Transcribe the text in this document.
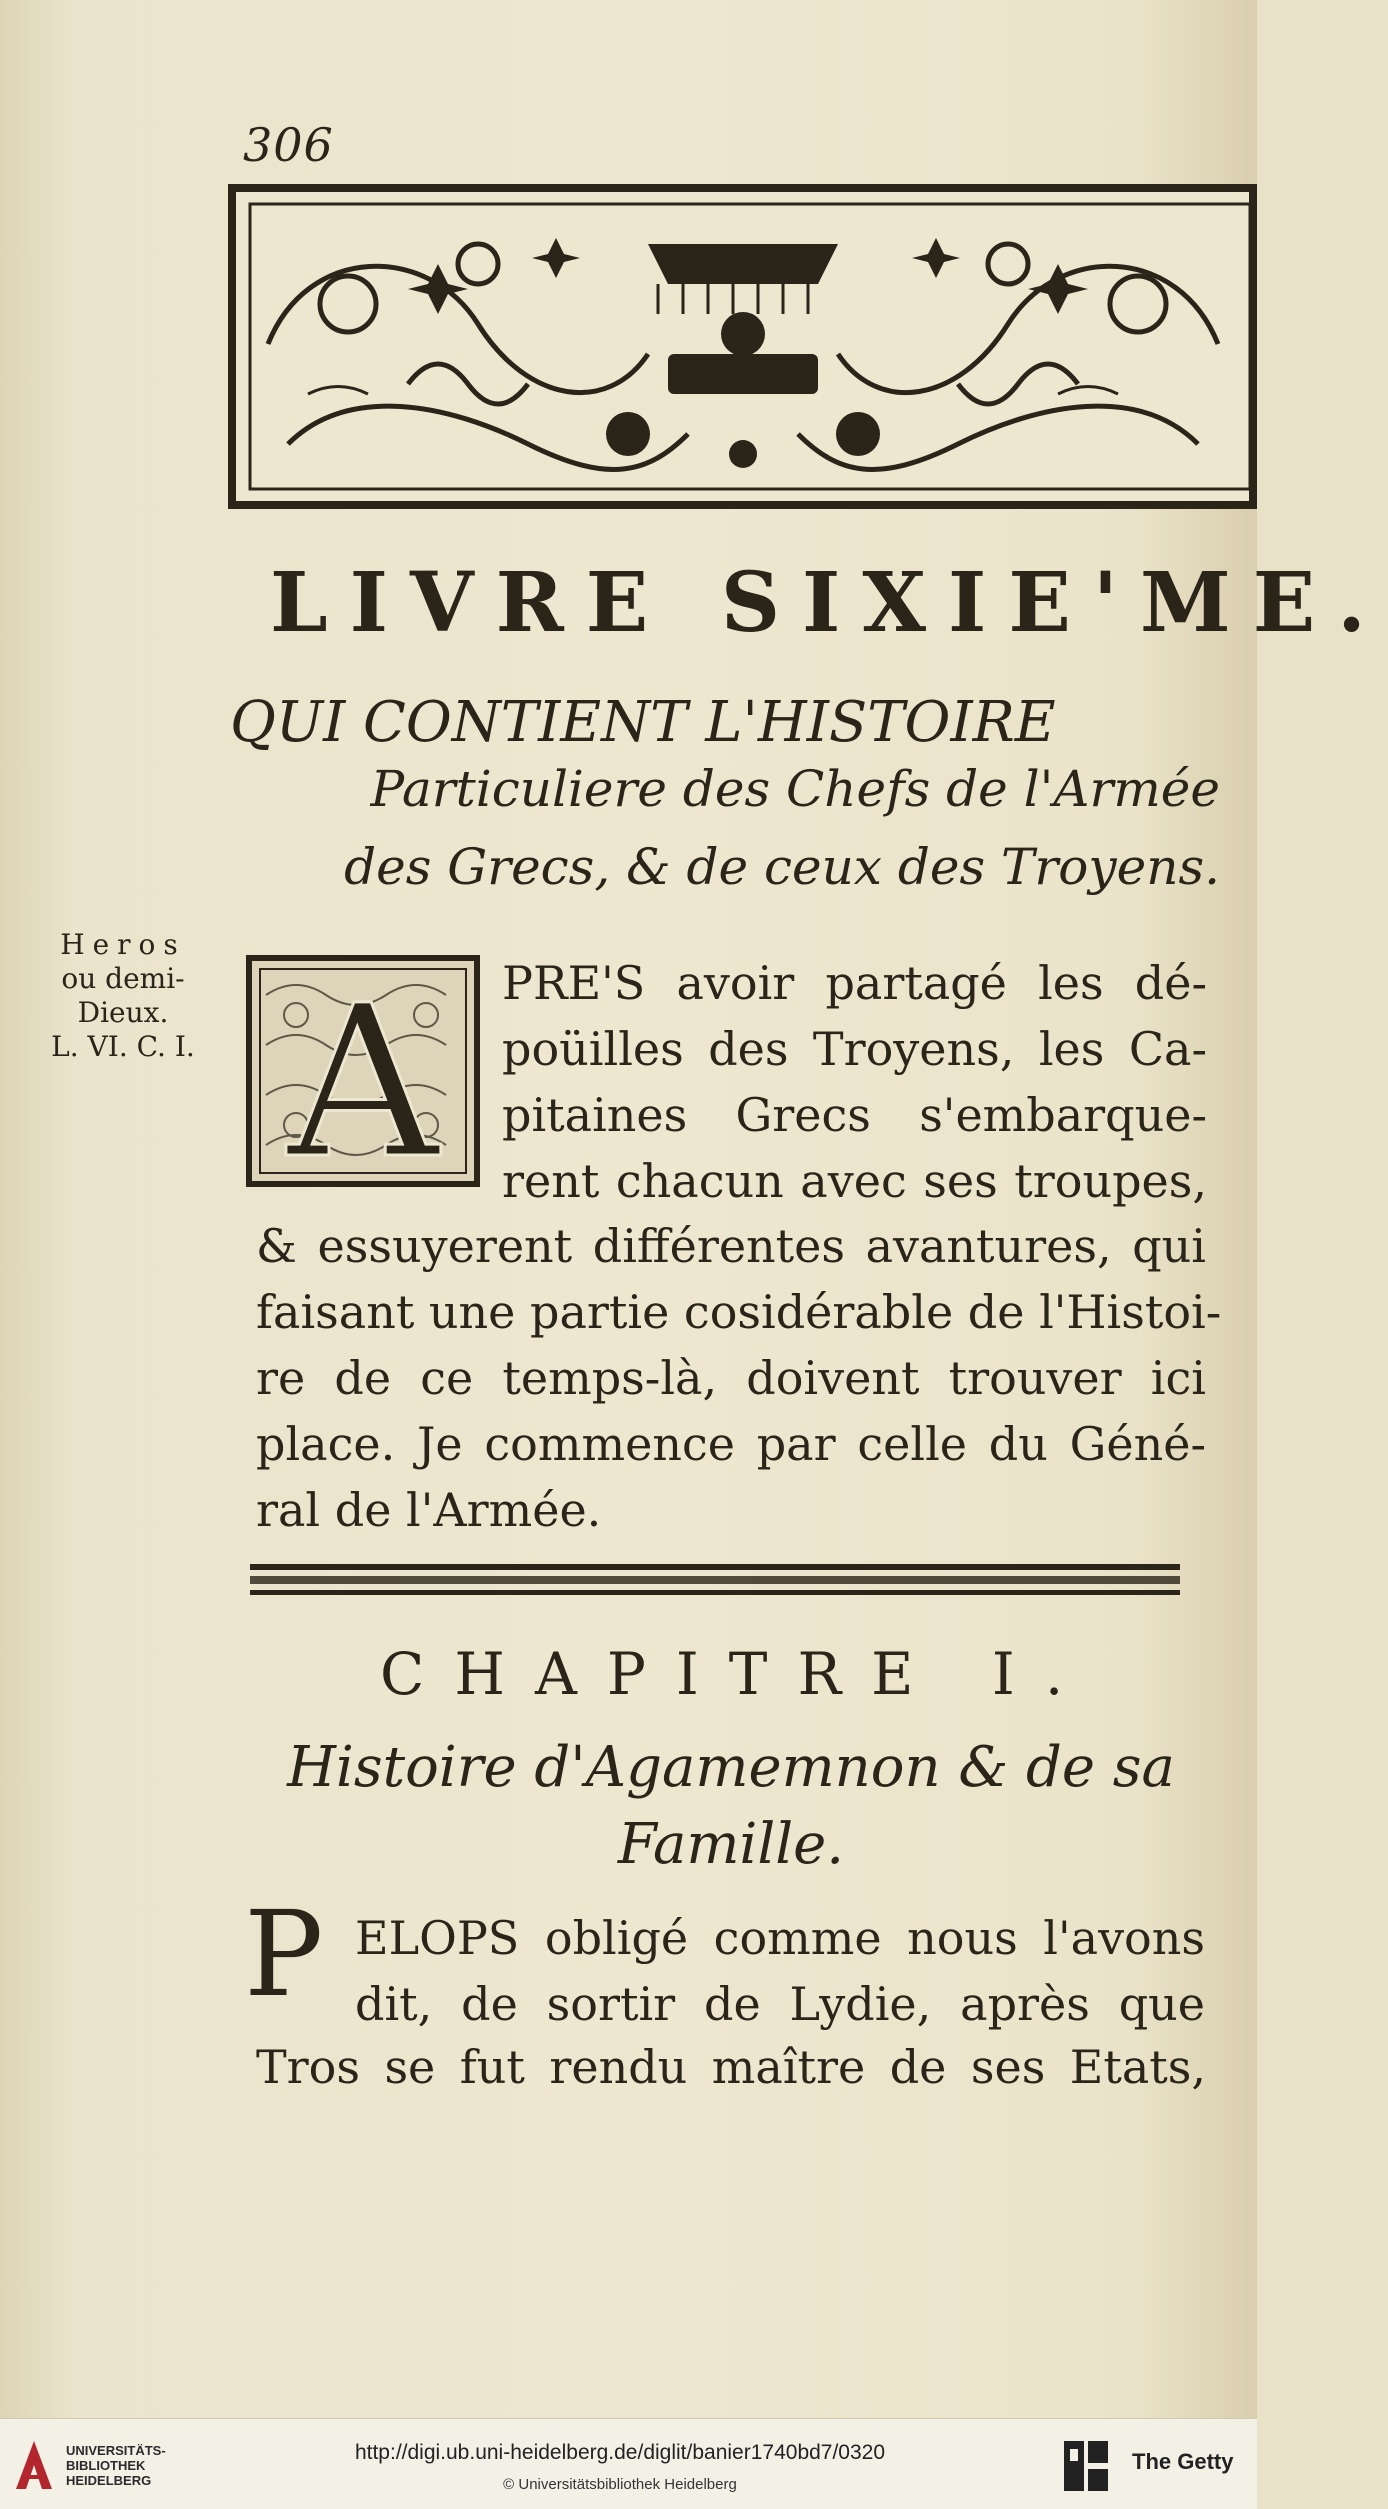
306
LIVRE SIXIE'ME.
QUI CONTIENT L'HISTOIRE
Particuliere des Chefs de l'Armée
des Grecs, & de ceux des Troyens.
Heros
ou demi-
Dieux.
L. VI. C. I. A PRE'S avoir partagé les dé-
poüilles des Troyens, les Ca-
pitaines Grecs s'embarque-
rent chacun avec ses troupes,
& essuyerent différentes avantures, qui
faisant une partie cosidérable de l'Histoi-
re de ce temps-là, doivent trouver ici
place. Je commence par celle du Géné-
ral de l'Armée.
CHAPITRE I.
Histoire d'Agamemnon & de sa
Famille.
P ELOPS obligé comme nous l'avons
dit, de sortir de Lydie, après que
Tros se fut rendu maître de ses Etats,
UNIVERSITÄTS-
BIBLIOTHEK
HEIDELBERG
http://digi.ub.uni-heidelberg.de/diglit/banier1740bd7/0320
© Universitätsbibliothek Heidelberg
The Getty
